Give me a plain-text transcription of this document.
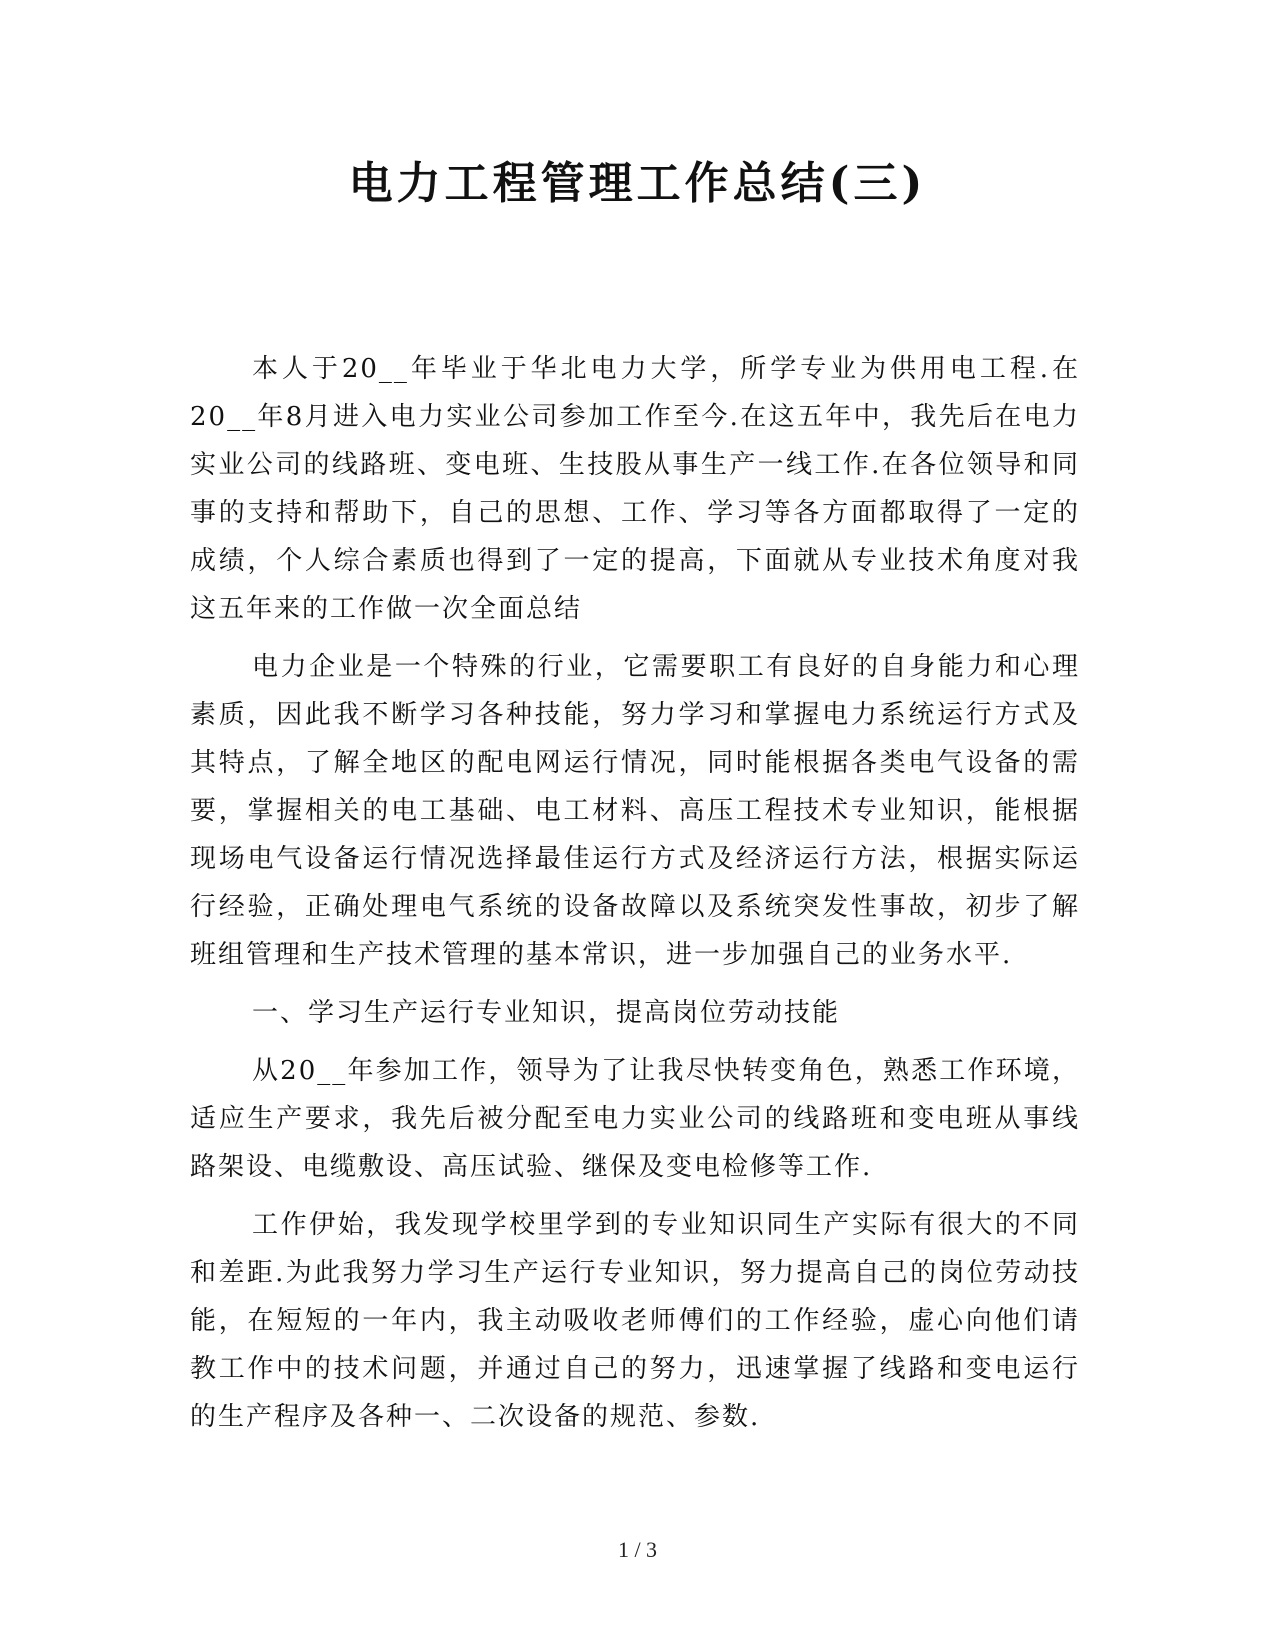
电力工程管理工作总结(三)

本人于20__年毕业于华北电力大学，所学专业为供用电工程.在20__年8月进入电力实业公司参加工作至今.在这五年中，我先后在电力实业公司的线路班、变电班、生技股从事生产一线工作.在各位领导和同事的支持和帮助下，自己的思想、工作、学习等各方面都取得了一定的成绩，个人综合素质也得到了一定的提高，下面就从专业技术角度对我这五年来的工作做一次全面总结

电力企业是一个特殊的行业，它需要职工有良好的自身能力和心理素质，因此我不断学习各种技能，努力学习和掌握电力系统运行方式及其特点，了解全地区的配电网运行情况，同时能根据各类电气设备的需要，掌握相关的电工基础、电工材料、高压工程技术专业知识，能根据现场电气设备运行情况选择最佳运行方式及经济运行方法，根据实际运行经验，正确处理电气系统的设备故障以及系统突发性事故，初步了解班组管理和生产技术管理的基本常识，进一步加强自己的业务水平.

一、学习生产运行专业知识，提高岗位劳动技能

从20__年参加工作，领导为了让我尽快转变角色，熟悉工作环境，适应生产要求，我先后被分配至电力实业公司的线路班和变电班从事线路架设、电缆敷设、高压试验、继保及变电检修等工作.

工作伊始，我发现学校里学到的专业知识同生产实际有很大的不同和差距.为此我努力学习生产运行专业知识，努力提高自己的岗位劳动技能，在短短的一年内，我主动吸收老师傅们的工作经验，虚心向他们请教工作中的技术问题，并通过自己的努力，迅速掌握了线路和变电运行的生产程序及各种一、二次设备的规范、参数.

1 / 3
